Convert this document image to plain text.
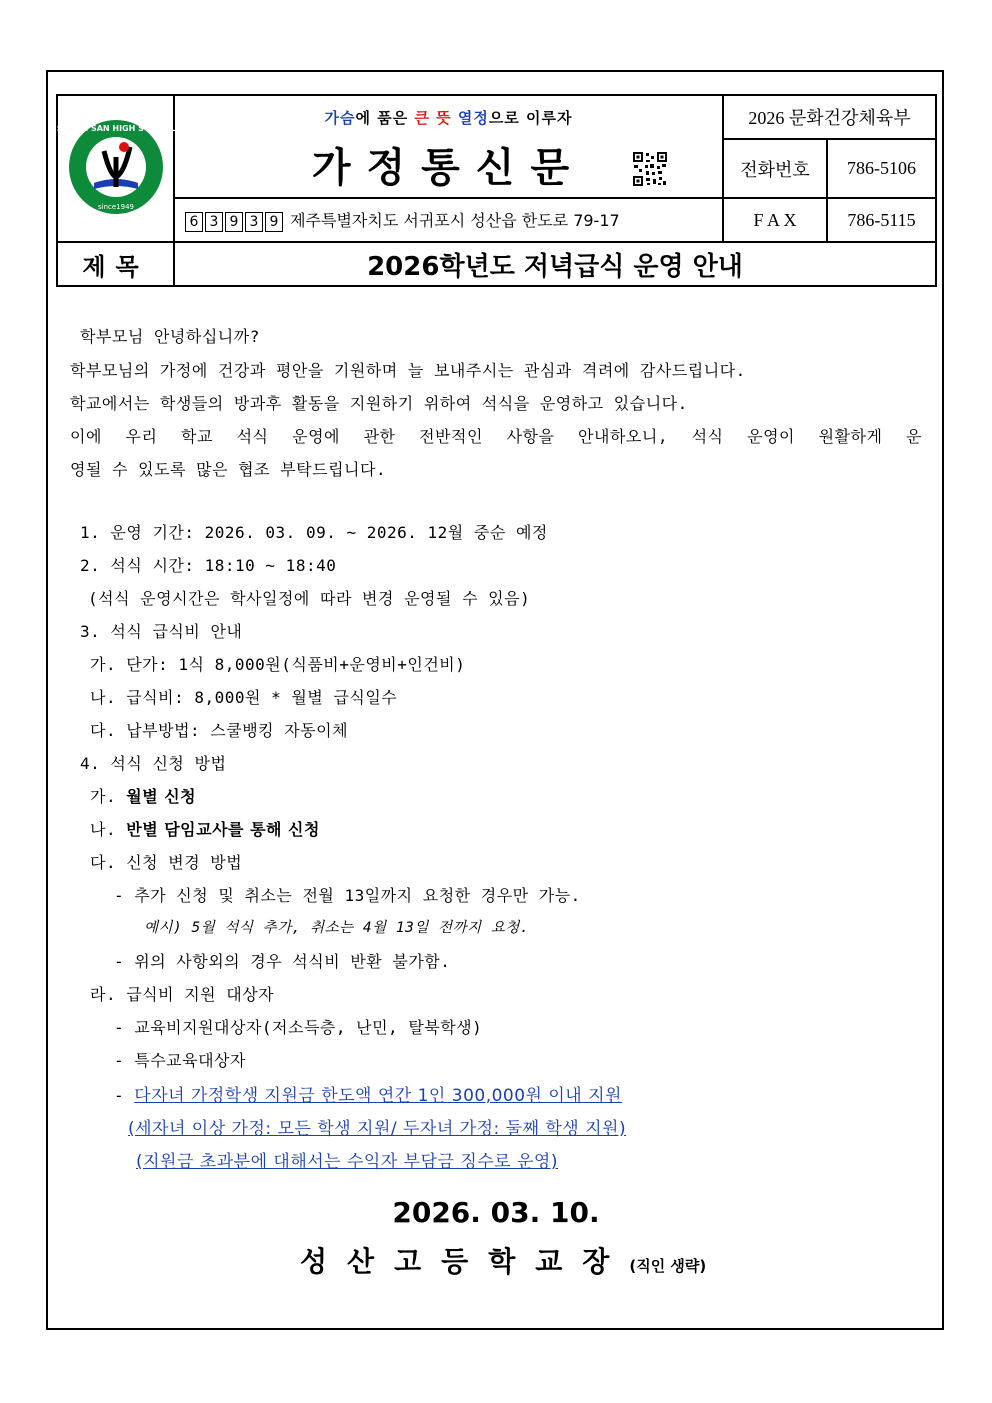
SEONG SAN HIGH SCHOOL
since1949	가슴에 품은 큰 뜻 열정으로 이루자	2026 문화건강체육부	

	가정통신문	전화번호	786-5106
	6 3 9 3 9 제주특별자치도 서귀포시 성산읍 한도로 79-17	F A X	786-5115
제목	2026학년도 저녁급식 운영 안내		
학부모님 안녕하십니까?
학부모님의 가정에 건강과 평안을 기원하며 늘 보내주시는 관심과 격려에 감사드립니다.
학교에서는 학생들의 방과후 활동을 지원하기 위하여 석식을 운영하고 있습니다.
이에 우리 학교 석식 운영에 관한 전반적인 사항을 안내하오니, 석식 운영이 원활하게 운
영될 수 있도록 많은 협조 부탁드립니다.
1. 운영 기간: 2026. 03. 09. ~ 2026. 12월 중순 예정
2. 석식 시간: 18:10 ~ 18:40
(석식 운영시간은 학사일정에 따라 변경 운영될 수 있음)
3. 석식 급식비 안내
가. 단가: 1식 8,000원(식품비+운영비+인건비)
나. 급식비: 8,000원 * 월별 급식일수
다. 납부방법: 스쿨뱅킹 자동이체
4. 석식 신청 방법
가. 월별 신청
나. 반별 담임교사를 통해 신청
다. 신청 변경 방법
- 추가 신청 및 취소는 전월 13일까지 요청한 경우만 가능.
예시) 5월 석식 추가, 취소는 4월 13일 전까지 요청.
- 위의 사항외의 경우 석식비 반환 불가함.
라. 급식비 지원 대상자
- 교육비지원대상자(저소득층, 난민, 탈북학생)
- 특수교육대상자
- 다자녀 가정학생 지원금 한도액 연간 1인 300,000원 이내 지원
(세자녀 이상 가정: 모든 학생 지원/ 두자녀 가정: 둘째 학생 지원)
(지원금 초과분에 대해서는 수익자 부담금 징수로 운영)
2026. 03. 10.
성산고등학교장(직인 생략)
